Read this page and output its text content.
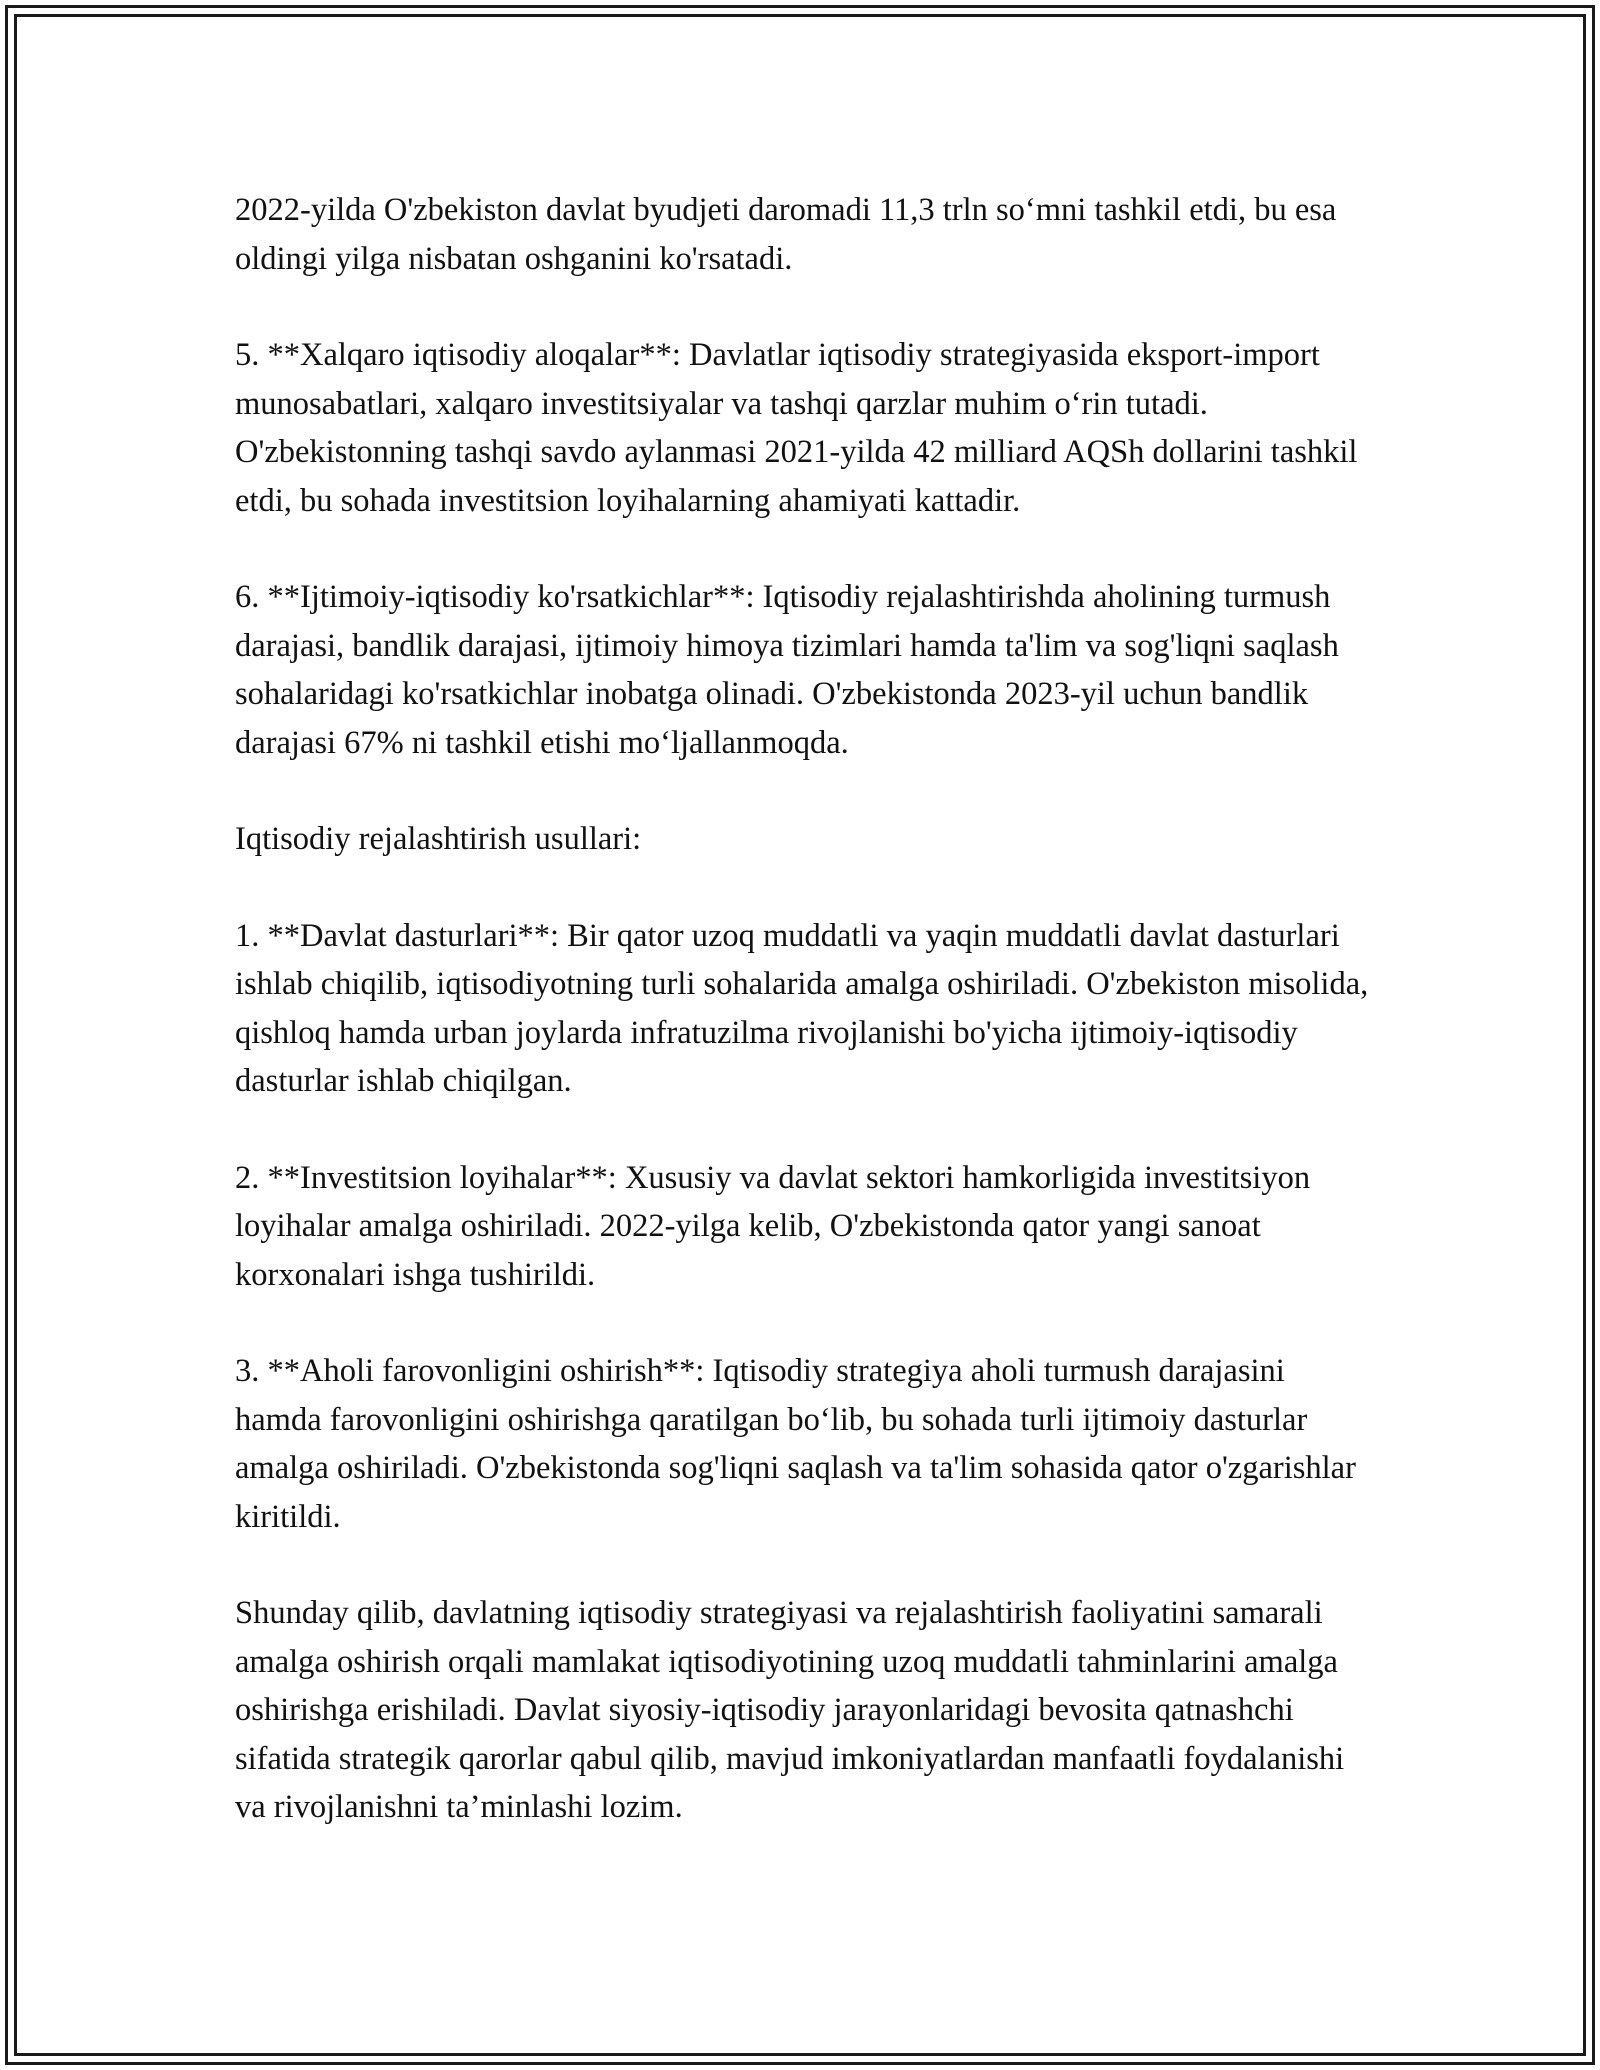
2022-yilda O'zbekiston davlat byudjeti daromadi 11,3 trln so‘mni tashkil etdi, bu esa oldingi yilga nisbatan oshganini ko'rsatadi.

5. **Xalqaro iqtisodiy aloqalar**: Davlatlar iqtisodiy strategiyasida eksport-import munosabatlari, xalqaro investitsiyalar va tashqi qarzlar muhim o‘rin tutadi. O'zbekistonning tashqi savdo aylanmasi 2021-yilda 42 milliard AQSh dollarini tashkil etdi, bu sohada investitsion loyihalarning ahamiyati kattadir.

6. **Ijtimoiy-iqtisodiy ko'rsatkichlar**: Iqtisodiy rejalashtirishda aholining turmush darajasi, bandlik darajasi, ijtimoiy himoya tizimlari hamda ta'lim va sog'liqni saqlash sohalaridagi ko'rsatkichlar inobatga olinadi. O'zbekistonda 2023-yil uchun bandlik darajasi 67% ni tashkil etishi mo‘ljallanmoqda.

Iqtisodiy rejalashtirish usullari:

1. **Davlat dasturlari**: Bir qator uzoq muddatli va yaqin muddatli davlat dasturlari ishlab chiqilib, iqtisodiyotning turli sohalarida amalga oshiriladi. O'zbekiston misolida, qishloq hamda urban joylarda infratuzilma rivojlanishi bo'yicha ijtimoiy-iqtisodiy dasturlar ishlab chiqilgan.

2. **Investitsion loyihalar**: Xususiy va davlat sektori hamkorligida investitsiyon loyihalar amalga oshiriladi. 2022-yilga kelib, O'zbekistonda qator yangi sanoat korxonalari ishga tushirildi.

3. **Aholi farovonligini oshirish**: Iqtisodiy strategiya aholi turmush darajasini hamda farovonligini oshirishga qaratilgan bo‘lib, bu sohada turli ijtimoiy dasturlar amalga oshiriladi. O'zbekistonda sog'liqni saqlash va ta'lim sohasida qator o'zgarishlar kiritildi.

Shunday qilib, davlatning iqtisodiy strategiyasi va rejalashtirish faoliyatini samarali amalga oshirish orqali mamlakat iqtisodiyotining uzoq muddatli tahminlarini amalga oshirishga erishiladi. Davlat siyosiy-iqtisodiy jarayonlaridagi bevosita qatnashchi sifatida strategik qarorlar qabul qilib, mavjud imkoniyatlardan manfaatli foydalanishi va rivojlanishni ta’minlashi lozim.
